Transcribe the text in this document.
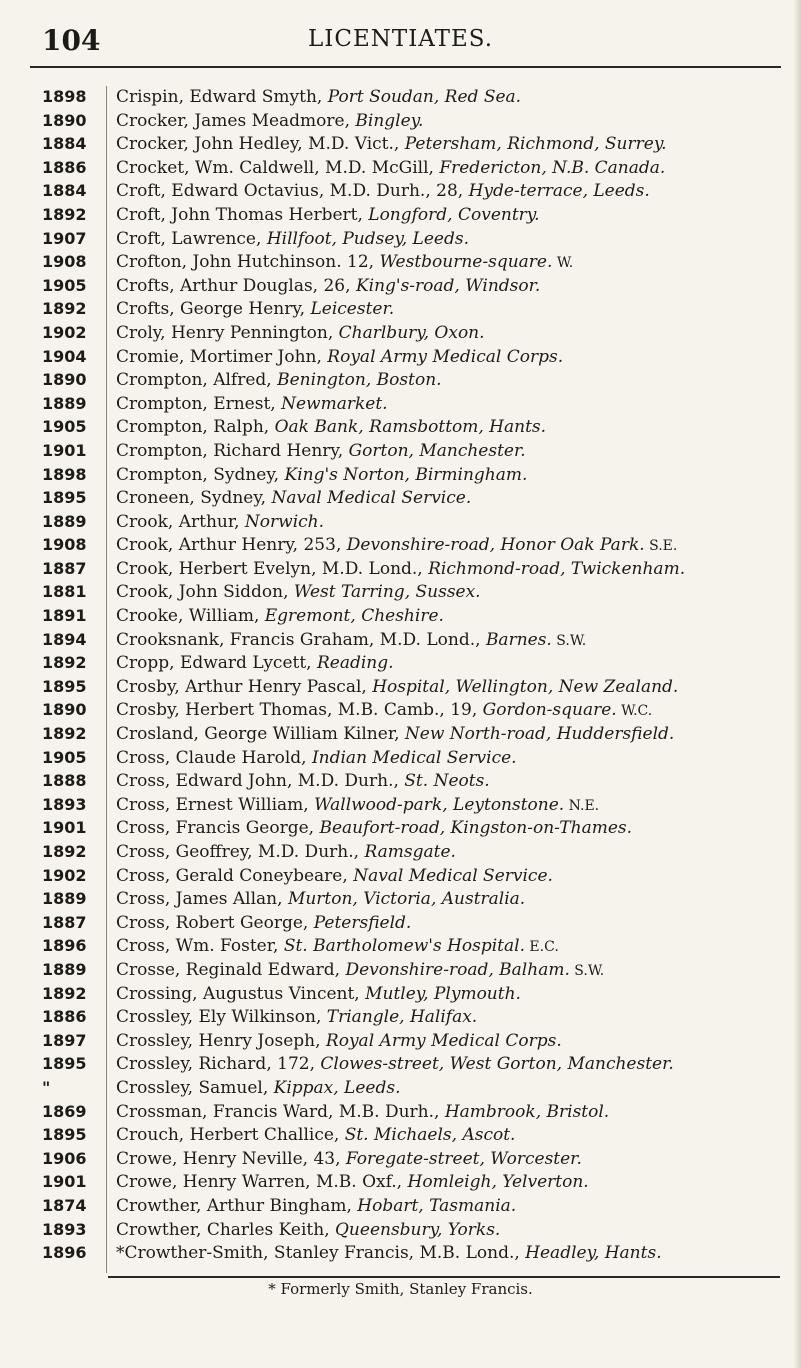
104	LICENTIATES.
1898	Crispin, Edward Smyth, Port Soudan, Red Sea.
1890	Crocker, James Meadmore, Bingley.
1884	Crocker, John Hedley, M.D. Vict., Petersham, Richmond, Surrey.
1886	Crocket, Wm. Caldwell, M.D. McGill, Fredericton, N.B. Canada.
1884	Croft, Edward Octavius, M.D. Durh., 28, Hyde-terrace, Leeds.
1892	Croft, John Thomas Herbert, Longford, Coventry.
1907	Croft, Lawrence, Hillfoot, Pudsey, Leeds.
1908	Crofton, John Hutchinson. 12, Westbourne-square. W.
1905	Crofts, Arthur Douglas, 26, King's-road, Windsor.
1892	Crofts, George Henry, Leicester.
1902	Croly, Henry Pennington, Charlbury, Oxon.
1904	Cromie, Mortimer John, Royal Army Medical Corps.
1890	Crompton, Alfred, Benington, Boston.
1889	Crompton, Ernest, Newmarket.
1905	Crompton, Ralph, Oak Bank, Ramsbottom, Hants.
1901	Crompton, Richard Henry, Gorton, Manchester.
1898	Crompton, Sydney, King's Norton, Birmingham.
1895	Croneen, Sydney, Naval Medical Service.
1889	Crook, Arthur, Norwich.
1908	Crook, Arthur Henry, 253, Devonshire-road, Honor Oak Park. S.E.
1887	Crook, Herbert Evelyn, M.D. Lond., Richmond-road, Twickenham.
1881	Crook, John Siddon, West Tarring, Sussex.
1891	Crooke, William, Egremont, Cheshire.
1894	Crooksnank, Francis Graham, M.D. Lond., Barnes. S.W.
1892	Cropp, Edward Lycett, Reading.
1895	Crosby, Arthur Henry Pascal, Hospital, Wellington, New Zealand.
1890	Crosby, Herbert Thomas, M.B. Camb., 19, Gordon-square. W.C.
1892	Crosland, George William Kilner, New North-road, Huddersfield.
1905	Cross, Claude Harold, Indian Medical Service.
1888	Cross, Edward John, M.D. Durh., St. Neots.
1893	Cross, Ernest William, Wallwood-park, Leytonstone. N.E.
1901	Cross, Francis George, Beaufort-road, Kingston-on-Thames.
1892	Cross, Geoffrey, M.D. Durh., Ramsgate.
1902	Cross, Gerald Coneybeare, Naval Medical Service.
1889	Cross, James Allan, Murton, Victoria, Australia.
1887	Cross, Robert George, Petersfield.
1896	Cross, Wm. Foster, St. Bartholomew's Hospital. E.C.
1889	Crosse, Reginald Edward, Devonshire-road, Balham. S.W.
1892	Crossing, Augustus Vincent, Mutley, Plymouth.
1886	Crossley, Ely Wilkinson, Triangle, Halifax.
1897	Crossley, Henry Joseph, Royal Army Medical Corps.
1895	Crossley, Richard, 172, Clowes-street, West Gorton, Manchester.
"	Crossley, Samuel, Kippax, Leeds.
1869	Crossman, Francis Ward, M.B. Durh., Hambrook, Bristol.
1895	Crouch, Herbert Challice, St. Michaels, Ascot.
1906	Crowe, Henry Neville, 43, Foregate-street, Worcester.
1901	Crowe, Henry Warren, M.B. Oxf., Homleigh, Yelverton.
1874	Crowther, Arthur Bingham, Hobart, Tasmania.
1893	Crowther, Charles Keith, Queensbury, Yorks.
1896	*Crowther-Smith, Stanley Francis, M.B. Lond., Headley, Hants.
* Formerly Smith, Stanley Francis.
